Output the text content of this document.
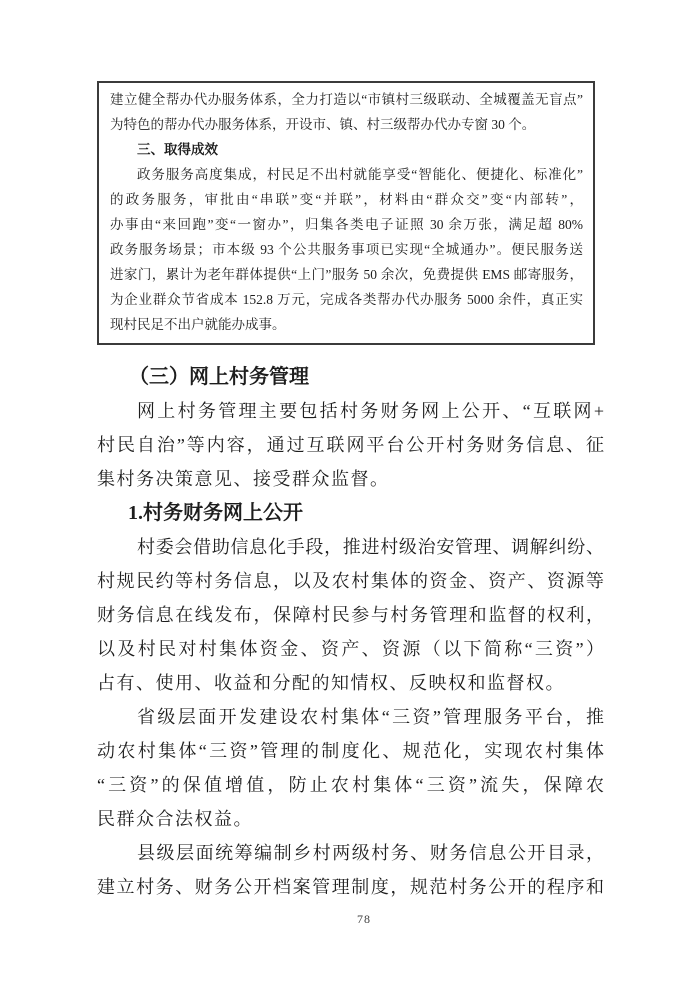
建立健全帮办代办服务体系，全力打造以“市镇村三级联动、全城覆盖无盲点”
为特色的帮办代办服务体系，开设市、镇、村三级帮办代办专窗 30 个。
三、取得成效
政务服务高度集成，村民足不出村就能享受“智能化、便捷化、标准化”
的政务服务，审批由“串联”变“并联”，材料由“群众交”变“内部转”，
办事由“来回跑”变“一窗办”，归集各类电子证照 30 余万张，满足超 80%
政务服务场景；市本级 93 个公共服务事项已实现“全城通办”。便民服务送
进家门，累计为老年群体提供“上门”服务 50 余次，免费提供 EMS 邮寄服务，
为企业群众节省成本 152.8 万元，完成各类帮办代办服务 5000 余件，真正实
现村民足不出户就能办成事。
（三）网上村务管理
网上村务管理主要包括村务财务网上公开、“互联网+
村民自治”等内容，通过互联网平台公开村务财务信息、征
集村务决策意见、接受群众监督。
1.村务财务网上公开
村委会借助信息化手段，推进村级治安管理、调解纠纷、
村规民约等村务信息，以及农村集体的资金、资产、资源等
财务信息在线发布，保障村民参与村务管理和监督的权利，
以及村民对村集体资金、资产、资源（以下简称“三资”）
占有、使用、收益和分配的知情权、反映权和监督权。
省级层面开发建设农村集体“三资”管理服务平台，推
动农村集体“三资”管理的制度化、规范化，实现农村集体
“三资”的保值增值，防止农村集体“三资”流失，保障农
民群众合法权益。
县级层面统筹编制乡村两级村务、财务信息公开目录，
建立村务、财务公开档案管理制度，规范村务公开的程序和
78
